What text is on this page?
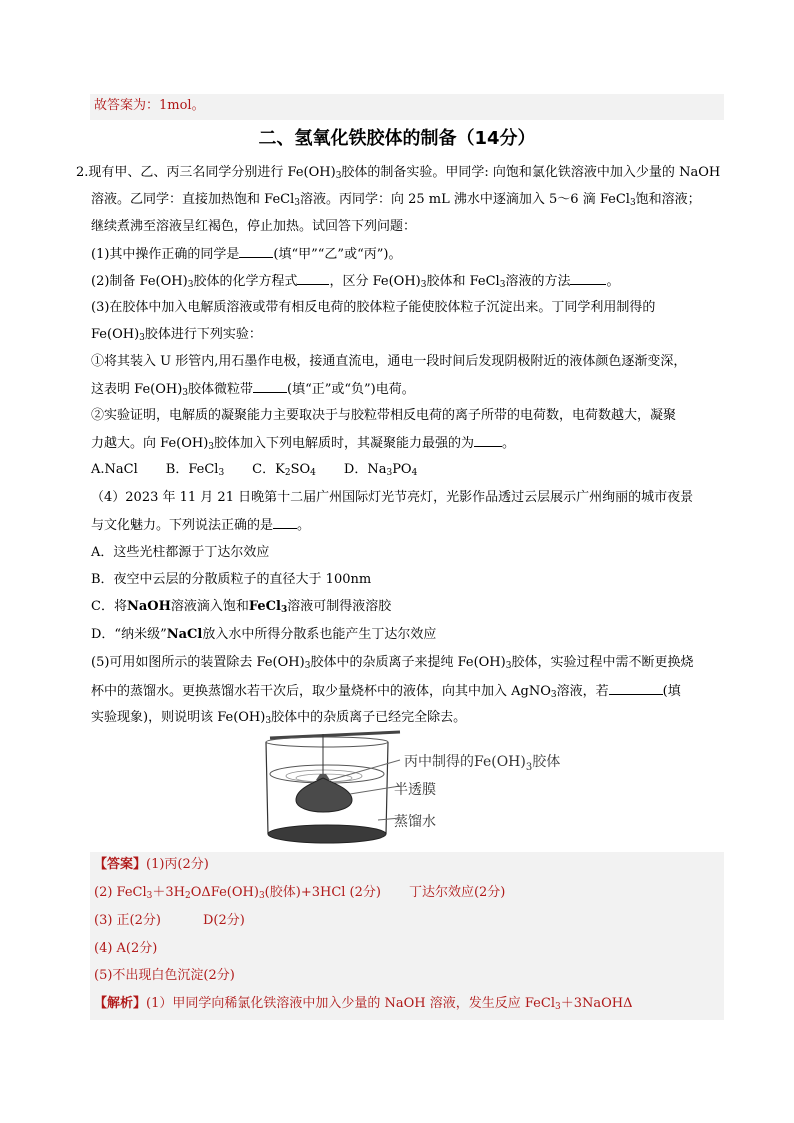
故答案为：1mol。
二、氢氧化铁胶体的制备（14分）
2.现有甲、乙、丙三名同学分别进行 $Fe(OH)_3$胶体的制备实验。甲同学: 向饱和氯化铁溶液中加入少量的 NaOH
溶液。乙同学：直接加热饱和 FeCl$_3$溶液。丙同学：向 25 mL 沸水中逐滴加入 5～6 滴 FeCl$_3$饱和溶液；
继续煮沸至溶液呈红褐色，停止加热。试回答下列问题：
(1)其中操作正确的同学是	(填“甲”“乙”或“丙”)。
(2)制备 $Fe(OH)_3$胶体的化学方程式 ，区分 $Fe(OH)_3$胶体和 FeCl$_3$溶液的方法	。
(3)在胶体中加入电解质溶液或带有相反电荷的胶体粒子能使胶体粒子沉淀出来。丁同学利用制得的
$Fe(OH)_3$胶体进行下列实验：
①将其装入 U 形管内,用石墨作电极，接通直流电，通电一段时间后发现阴极附近的液体颜色逐渐变深，
这表明 $Fe(OH)_3$胶体微粒带	(填“正”或“负”)电荷。
②实验证明，电解质的凝聚能力主要取决于与胶粒带相反电荷的离子所带的电荷数，电荷数越大，凝聚
力越大。向 $Fe(OH)_3$胶体加入下列电解质时，其凝聚能力最强的为 。
A.NaCl B．FeCl$_3$ C．$K_2SO_4$ D．$Na_3PO_4$
（4）2023 年 11 月 21 日晚第十二届广州国际灯光节亮灯，光影作品透过云层展示广州绚丽的城市夜景
与文化魅力。下列说法正确的是 。
A．这些光柱都源于丁达尔效应
B．夜空中云层的分散质粒子的直径大于 100nm
C．将NaOH溶液滴入饱和FeCl$_3$溶液可制得液溶胶
D．“纳米级”NaCl放入水中所得分散系也能产生丁达尔效应
(5)可用如图所示的装置除去 $Fe(OH)_3$胶体中的杂质离子来提纯 $Fe(OH)_3$胶体，实验过程中需不断更换烧
杯中的蒸馏水。更换蒸馏水若干次后，取少量烧杯中的液体，向其中加入 AgNO$_3$溶液，若	(填
实验现象)，则说明该 $Fe(OH)_3$胶体中的杂质离子已经完全除去。
丙中制得的$Fe(OH)_3$胶体
半透膜
蒸馏水
【答案】(1)丙(2分)
(2) $FeCl_3+3H_2O\Delta Fe(OH)_3$(胶体)+3HCl (2分) 丁达尔效应(2分)
(3) 正(2分)	D(2分)
(4) A(2分)
(5)不出现白色沉淀(2分)
【解析】(1）甲同学向稀氯化铁溶液中加入少量的 NaOH 溶液，发生反应 FeCl$_3$＋3NaOHΔ
